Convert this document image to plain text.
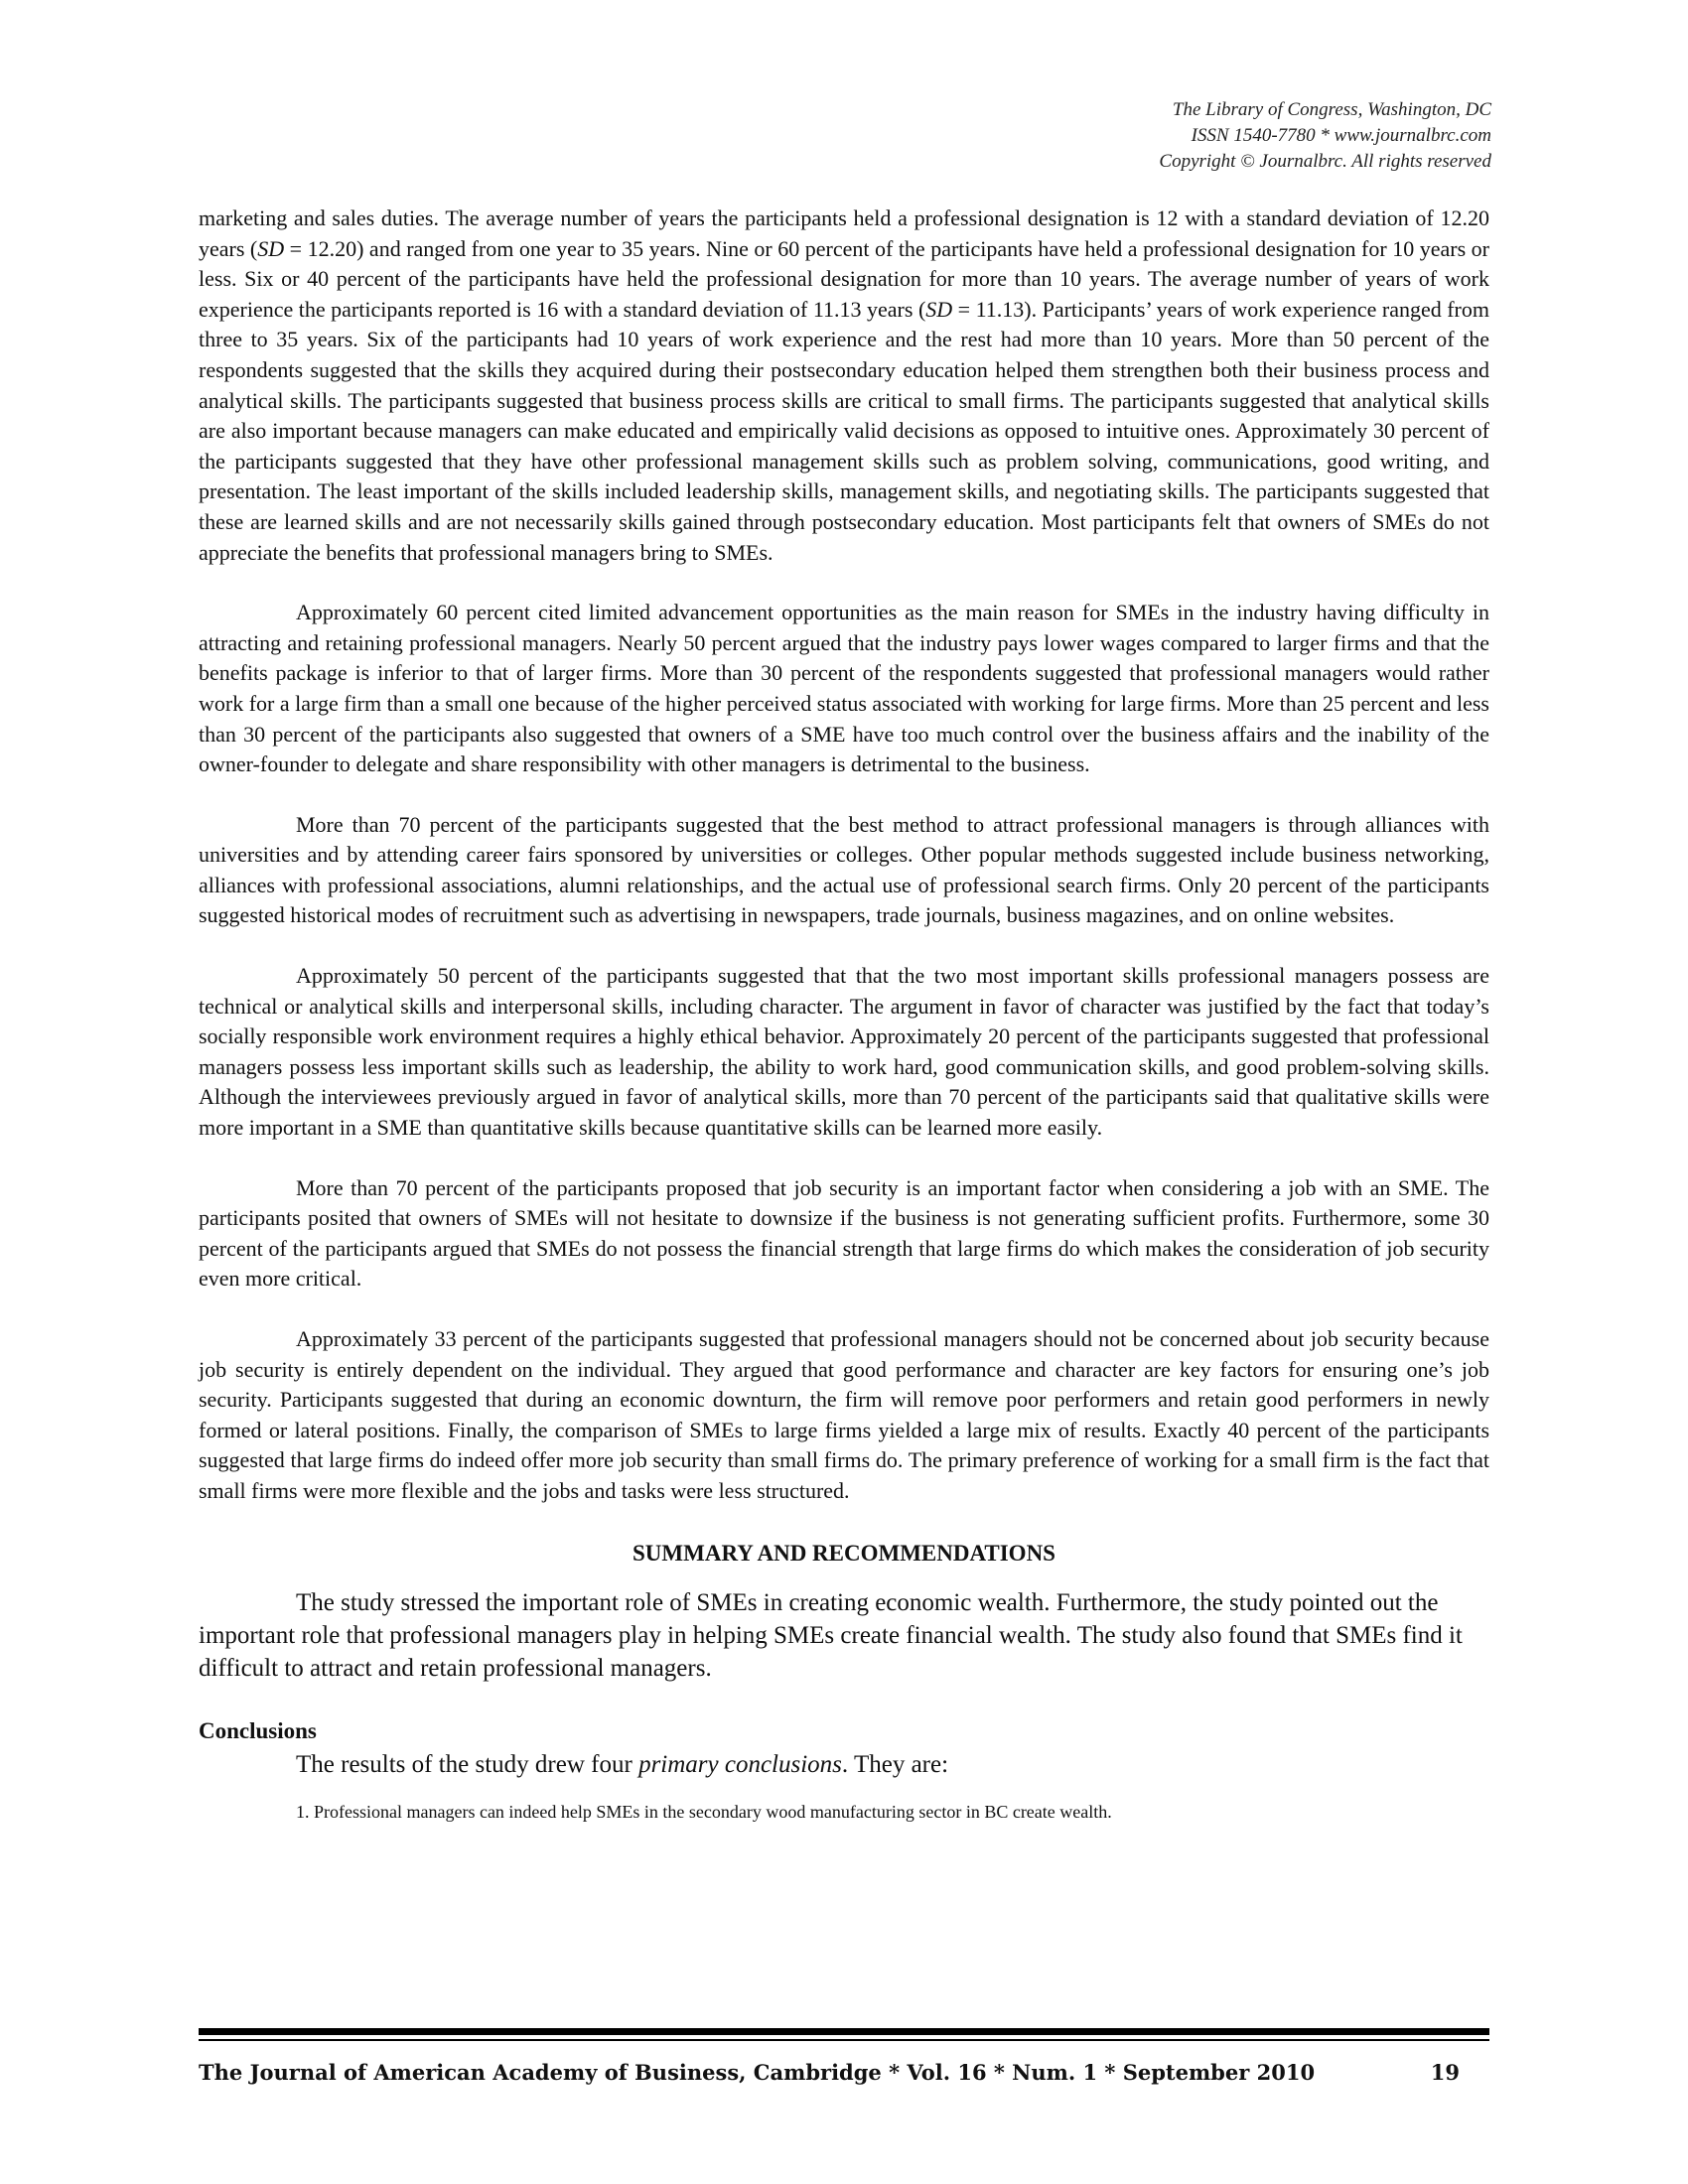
The Library of Congress, Washington, DC
ISSN 1540-7780 * www.journalbrc.com
Copyright © Journalbrc. All rights reserved

marketing and sales duties. The average number of years the participants held a professional designation is 12 with a standard deviation of 12.20 years (SD = 12.20) and ranged from one year to 35 years. Nine or 60 percent of the participants have held a professional designation for 10 years or less. Six or 40 percent of the participants have held the professional designation for more than 10 years. The average number of years of work experience the participants reported is 16 with a standard deviation of 11.13 years (SD = 11.13). Participants’ years of work experience ranged from three to 35 years. Six of the participants had 10 years of work experience and the rest had more than 10 years. More than 50 percent of the respondents suggested that the skills they acquired during their postsecondary education helped them strengthen both their business process and analytical skills. The participants suggested that business process skills are critical to small firms. The participants suggested that analytical skills are also important because managers can make educated and empirically valid decisions as opposed to intuitive ones. Approximately 30 percent of the participants suggested that they have other professional management skills such as problem solving, communications, good writing, and presentation. The least important of the skills included leadership skills, management skills, and negotiating skills. The participants suggested that these are learned skills and are not necessarily skills gained through postsecondary education. Most participants felt that owners of SMEs do not appreciate the benefits that professional managers bring to SMEs.

Approximately 60 percent cited limited advancement opportunities as the main reason for SMEs in the industry having difficulty in attracting and retaining professional managers. Nearly 50 percent argued that the industry pays lower wages compared to larger firms and that the benefits package is inferior to that of larger firms. More than 30 percent of the respondents suggested that professional managers would rather work for a large firm than a small one because of the higher perceived status associated with working for large firms. More than 25 percent and less than 30 percent of the participants also suggested that owners of a SME have too much control over the business affairs and the inability of the owner-founder to delegate and share responsibility with other managers is detrimental to the business.

More than 70 percent of the participants suggested that the best method to attract professional managers is through alliances with universities and by attending career fairs sponsored by universities or colleges. Other popular methods suggested include business networking, alliances with professional associations, alumni relationships, and the actual use of professional search firms. Only 20 percent of the participants suggested historical modes of recruitment such as advertising in newspapers, trade journals, business magazines, and on online websites.

Approximately 50 percent of the participants suggested that that the two most important skills professional managers possess are technical or analytical skills and interpersonal skills, including character. The argument in favor of character was justified by the fact that today’s socially responsible work environment requires a highly ethical behavior. Approximately 20 percent of the participants suggested that professional managers possess less important skills such as leadership, the ability to work hard, good communication skills, and good problem-solving skills. Although the interviewees previously argued in favor of analytical skills, more than 70 percent of the participants said that qualitative skills were more important in a SME than quantitative skills because quantitative skills can be learned more easily.

More than 70 percent of the participants proposed that job security is an important factor when considering a job with an SME. The participants posited that owners of SMEs will not hesitate to downsize if the business is not generating sufficient profits. Furthermore, some 30 percent of the participants argued that SMEs do not possess the financial strength that large firms do which makes the consideration of job security even more critical.

Approximately 33 percent of the participants suggested that professional managers should not be concerned about job security because job security is entirely dependent on the individual. They argued that good performance and character are key factors for ensuring one’s job security. Participants suggested that during an economic downturn, the firm will remove poor performers and retain good performers in newly formed or lateral positions. Finally, the comparison of SMEs to large firms yielded a large mix of results. Exactly 40 percent of the participants suggested that large firms do indeed offer more job security than small firms do. The primary preference of working for a small firm is the fact that small firms were more flexible and the jobs and tasks were less structured.

SUMMARY AND RECOMMENDATIONS

The study stressed the important role of SMEs in creating economic wealth. Furthermore, the study pointed out the important role that professional managers play in helping SMEs create financial wealth. The study also found that SMEs find it difficult to attract and retain professional managers.

Conclusions

The results of the study drew four primary conclusions. They are:

1. Professional managers can indeed help SMEs in the secondary wood manufacturing sector in BC create wealth.

The Journal of American Academy of Business, Cambridge * Vol. 16 * Num. 1 * September 2010	19
